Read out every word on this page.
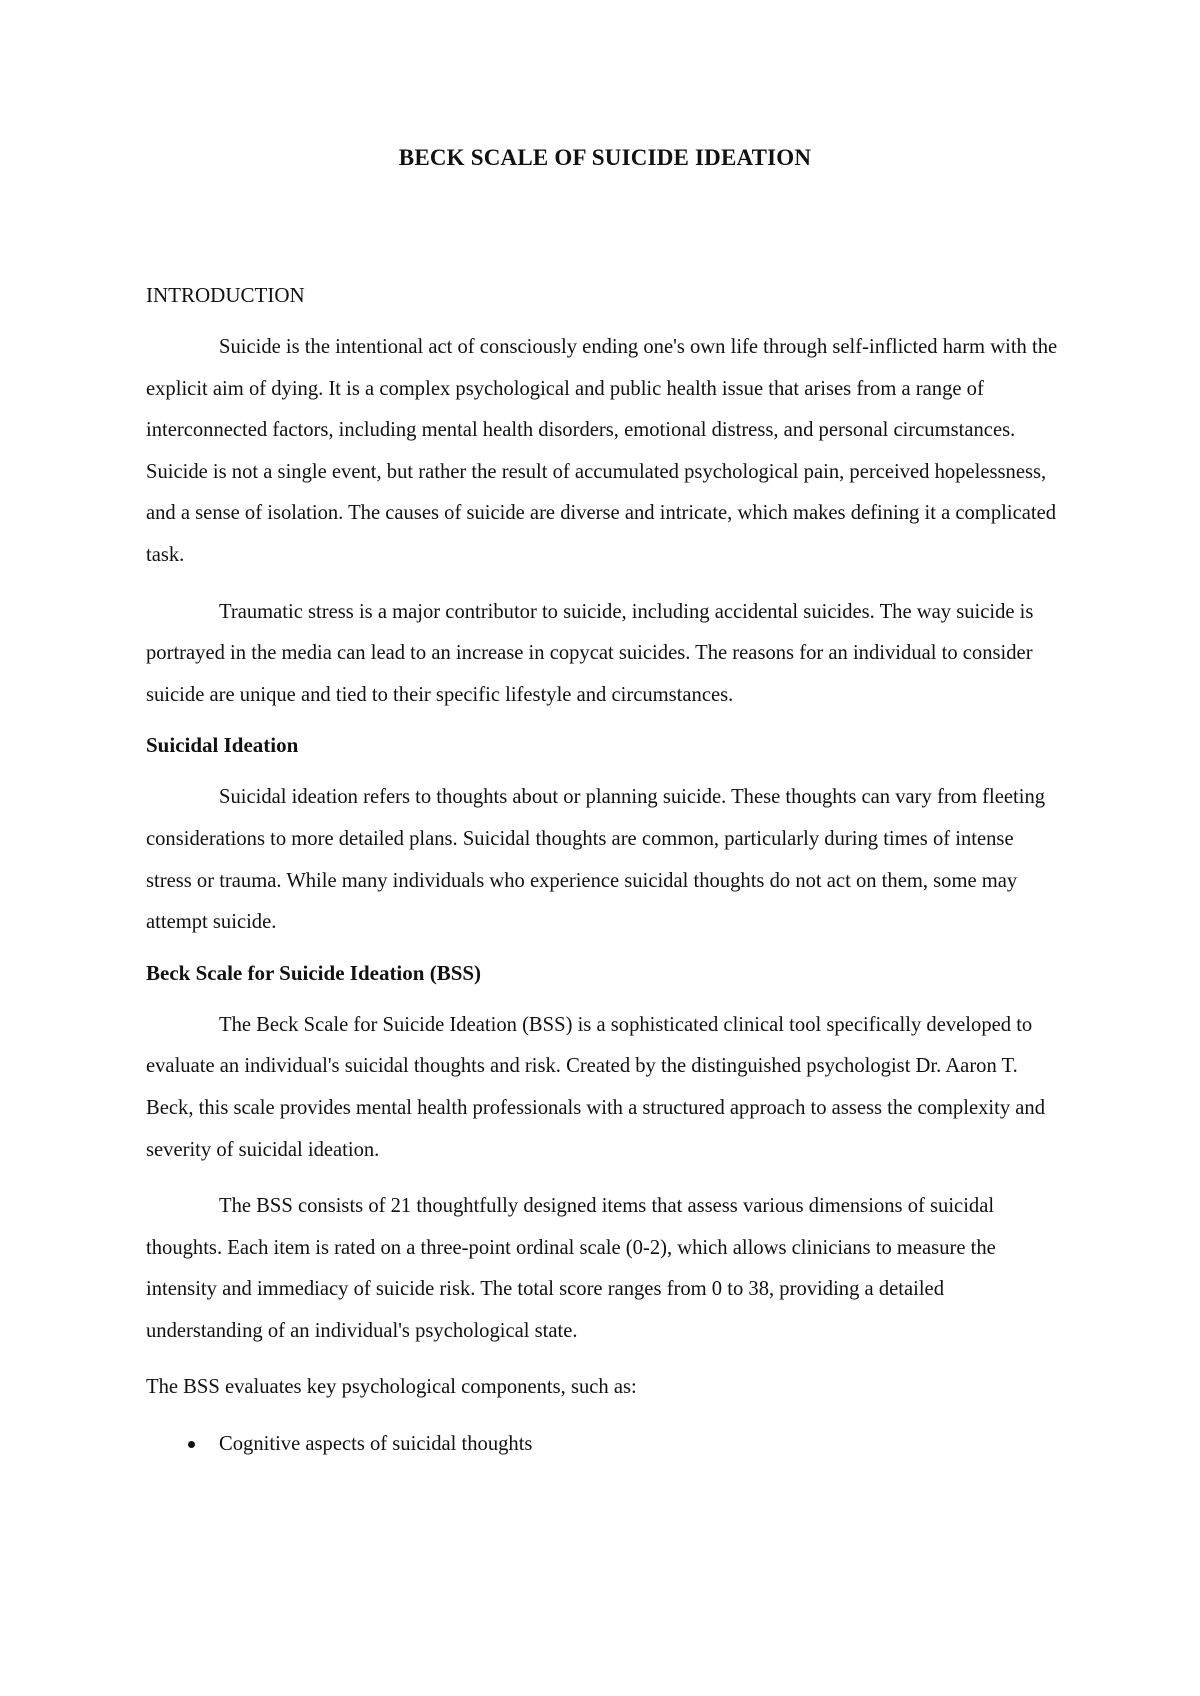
BECK SCALE OF SUICIDE IDEATION
INTRODUCTION

Suicide is the intentional act of consciously ending one's own life through self-inflicted harm with the explicit aim of dying. It is a complex psychological and public health issue that arises from a range of interconnected factors, including mental health disorders, emotional distress, and personal circumstances. Suicide is not a single event, but rather the result of accumulated psychological pain, perceived hopelessness, and a sense of isolation. The causes of suicide are diverse and intricate, which makes defining it a complicated task.

Traumatic stress is a major contributor to suicide, including accidental suicides. The way suicide is portrayed in the media can lead to an increase in copycat suicides. The reasons for an individual to consider suicide are unique and tied to their specific lifestyle and circumstances.

Suicidal Ideation

Suicidal ideation refers to thoughts about or planning suicide. These thoughts can vary from fleeting considerations to more detailed plans. Suicidal thoughts are common, particularly during times of intense stress or trauma. While many individuals who experience suicidal thoughts do not act on them, some may attempt suicide.

Beck Scale for Suicide Ideation (BSS)

The Beck Scale for Suicide Ideation (BSS) is a sophisticated clinical tool specifically developed to evaluate an individual's suicidal thoughts and risk. Created by the distinguished psychologist Dr. Aaron T. Beck, this scale provides mental health professionals with a structured approach to assess the complexity and severity of suicidal ideation.

The BSS consists of 21 thoughtfully designed items that assess various dimensions of suicidal thoughts. Each item is rated on a three-point ordinal scale (0-2), which allows clinicians to measure the intensity and immediacy of suicide risk. The total score ranges from 0 to 38, providing a detailed understanding of an individual's psychological state.

The BSS evaluates key psychological components, such as:

Cognitive aspects of suicidal thoughts
